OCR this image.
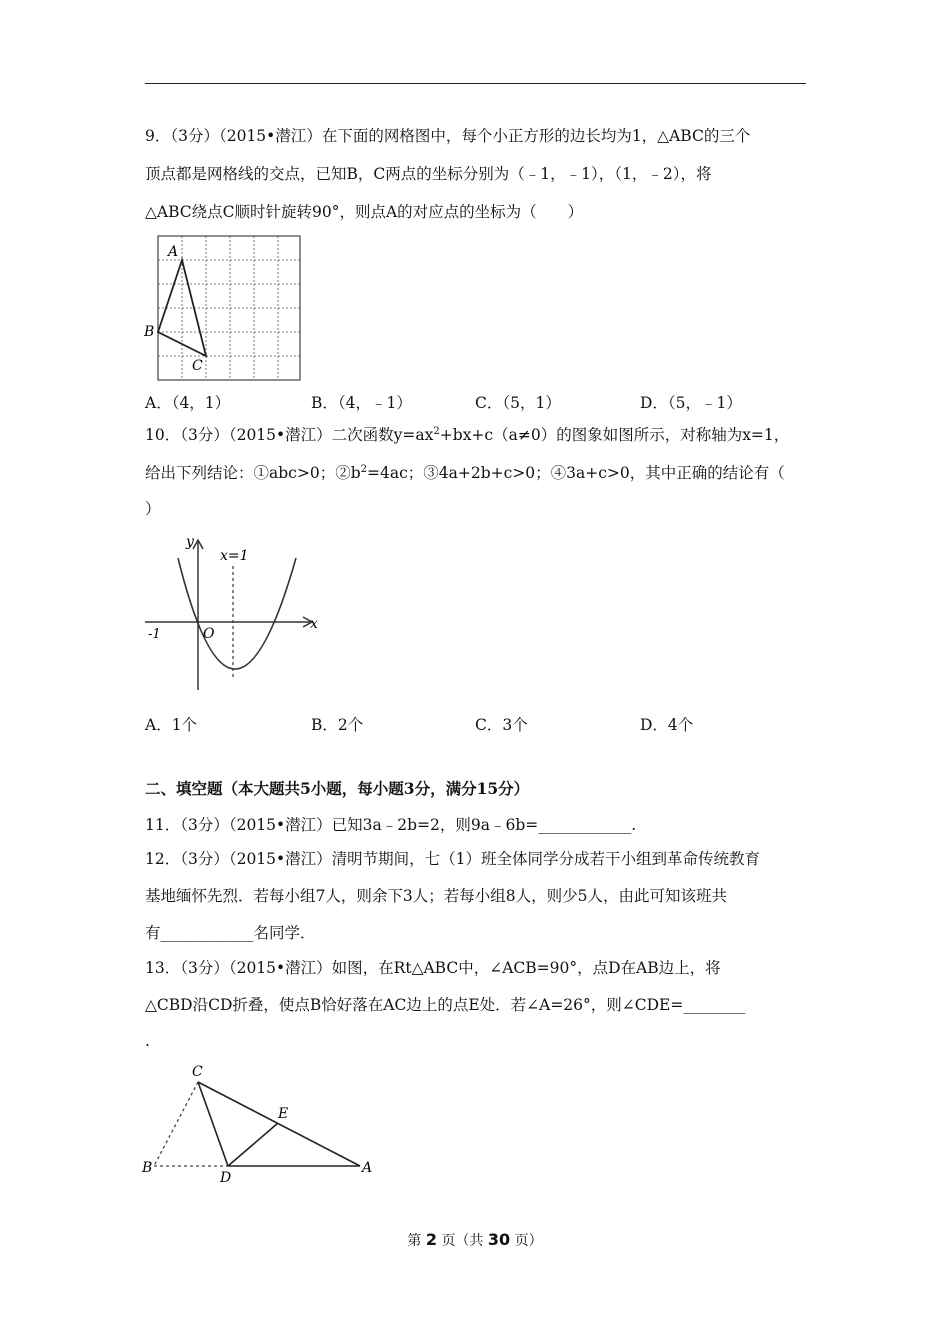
9．（3分）（2015•潜江）在下面的网格图中，每个小正方形的边长均为1，△ABC的三个
顶点都是网格线的交点，已知B，C两点的坐标分别为（﹣1，﹣1），（1，﹣2），将
△ABC绕点C顺时针旋转90°，则点A的对应点的坐标为（　　）
A
B
C
A．（4，1）	B．（4，﹣1）	C．（5，1）	D．（5，﹣1）
10．（3分）（2015•潜江）二次函数$y=ax^2+bx+c(a\ne 0)$的图象如图所示，对称轴为x=1，
给出下列结论：①abc>0；$②b^2=4ac$；③4a+2b+c>0；④3a+c>0，其中正确的结论有（
）
y
x
x=1
-1	O
A．1个	B．2个	C．3个	D．4个
二、填空题（本大题共5小题，每小题3分，满分15分）
11．（3分）（2015•潜江）已知3a﹣2b=2，则9a﹣6b=____________.
12．（3分）（2015•潜江）清明节期间，七（1）班全体同学分成若干小组到革命传统教育
基地缅怀先烈．若每小组7人，则余下3人；若每小组8人，则少5人，由此可知该班共
有____________名同学．
13．（3分）（2015•潜江）如图，在Rt△ABC中，∠ACB=90°，点D在AB边上，将
△CBD沿CD折叠，使点B恰好落在AC边上的点E处．若∠A=26°，则∠CDE=________
.
C
E
B
D
A
第 2 页（共 30 页）
